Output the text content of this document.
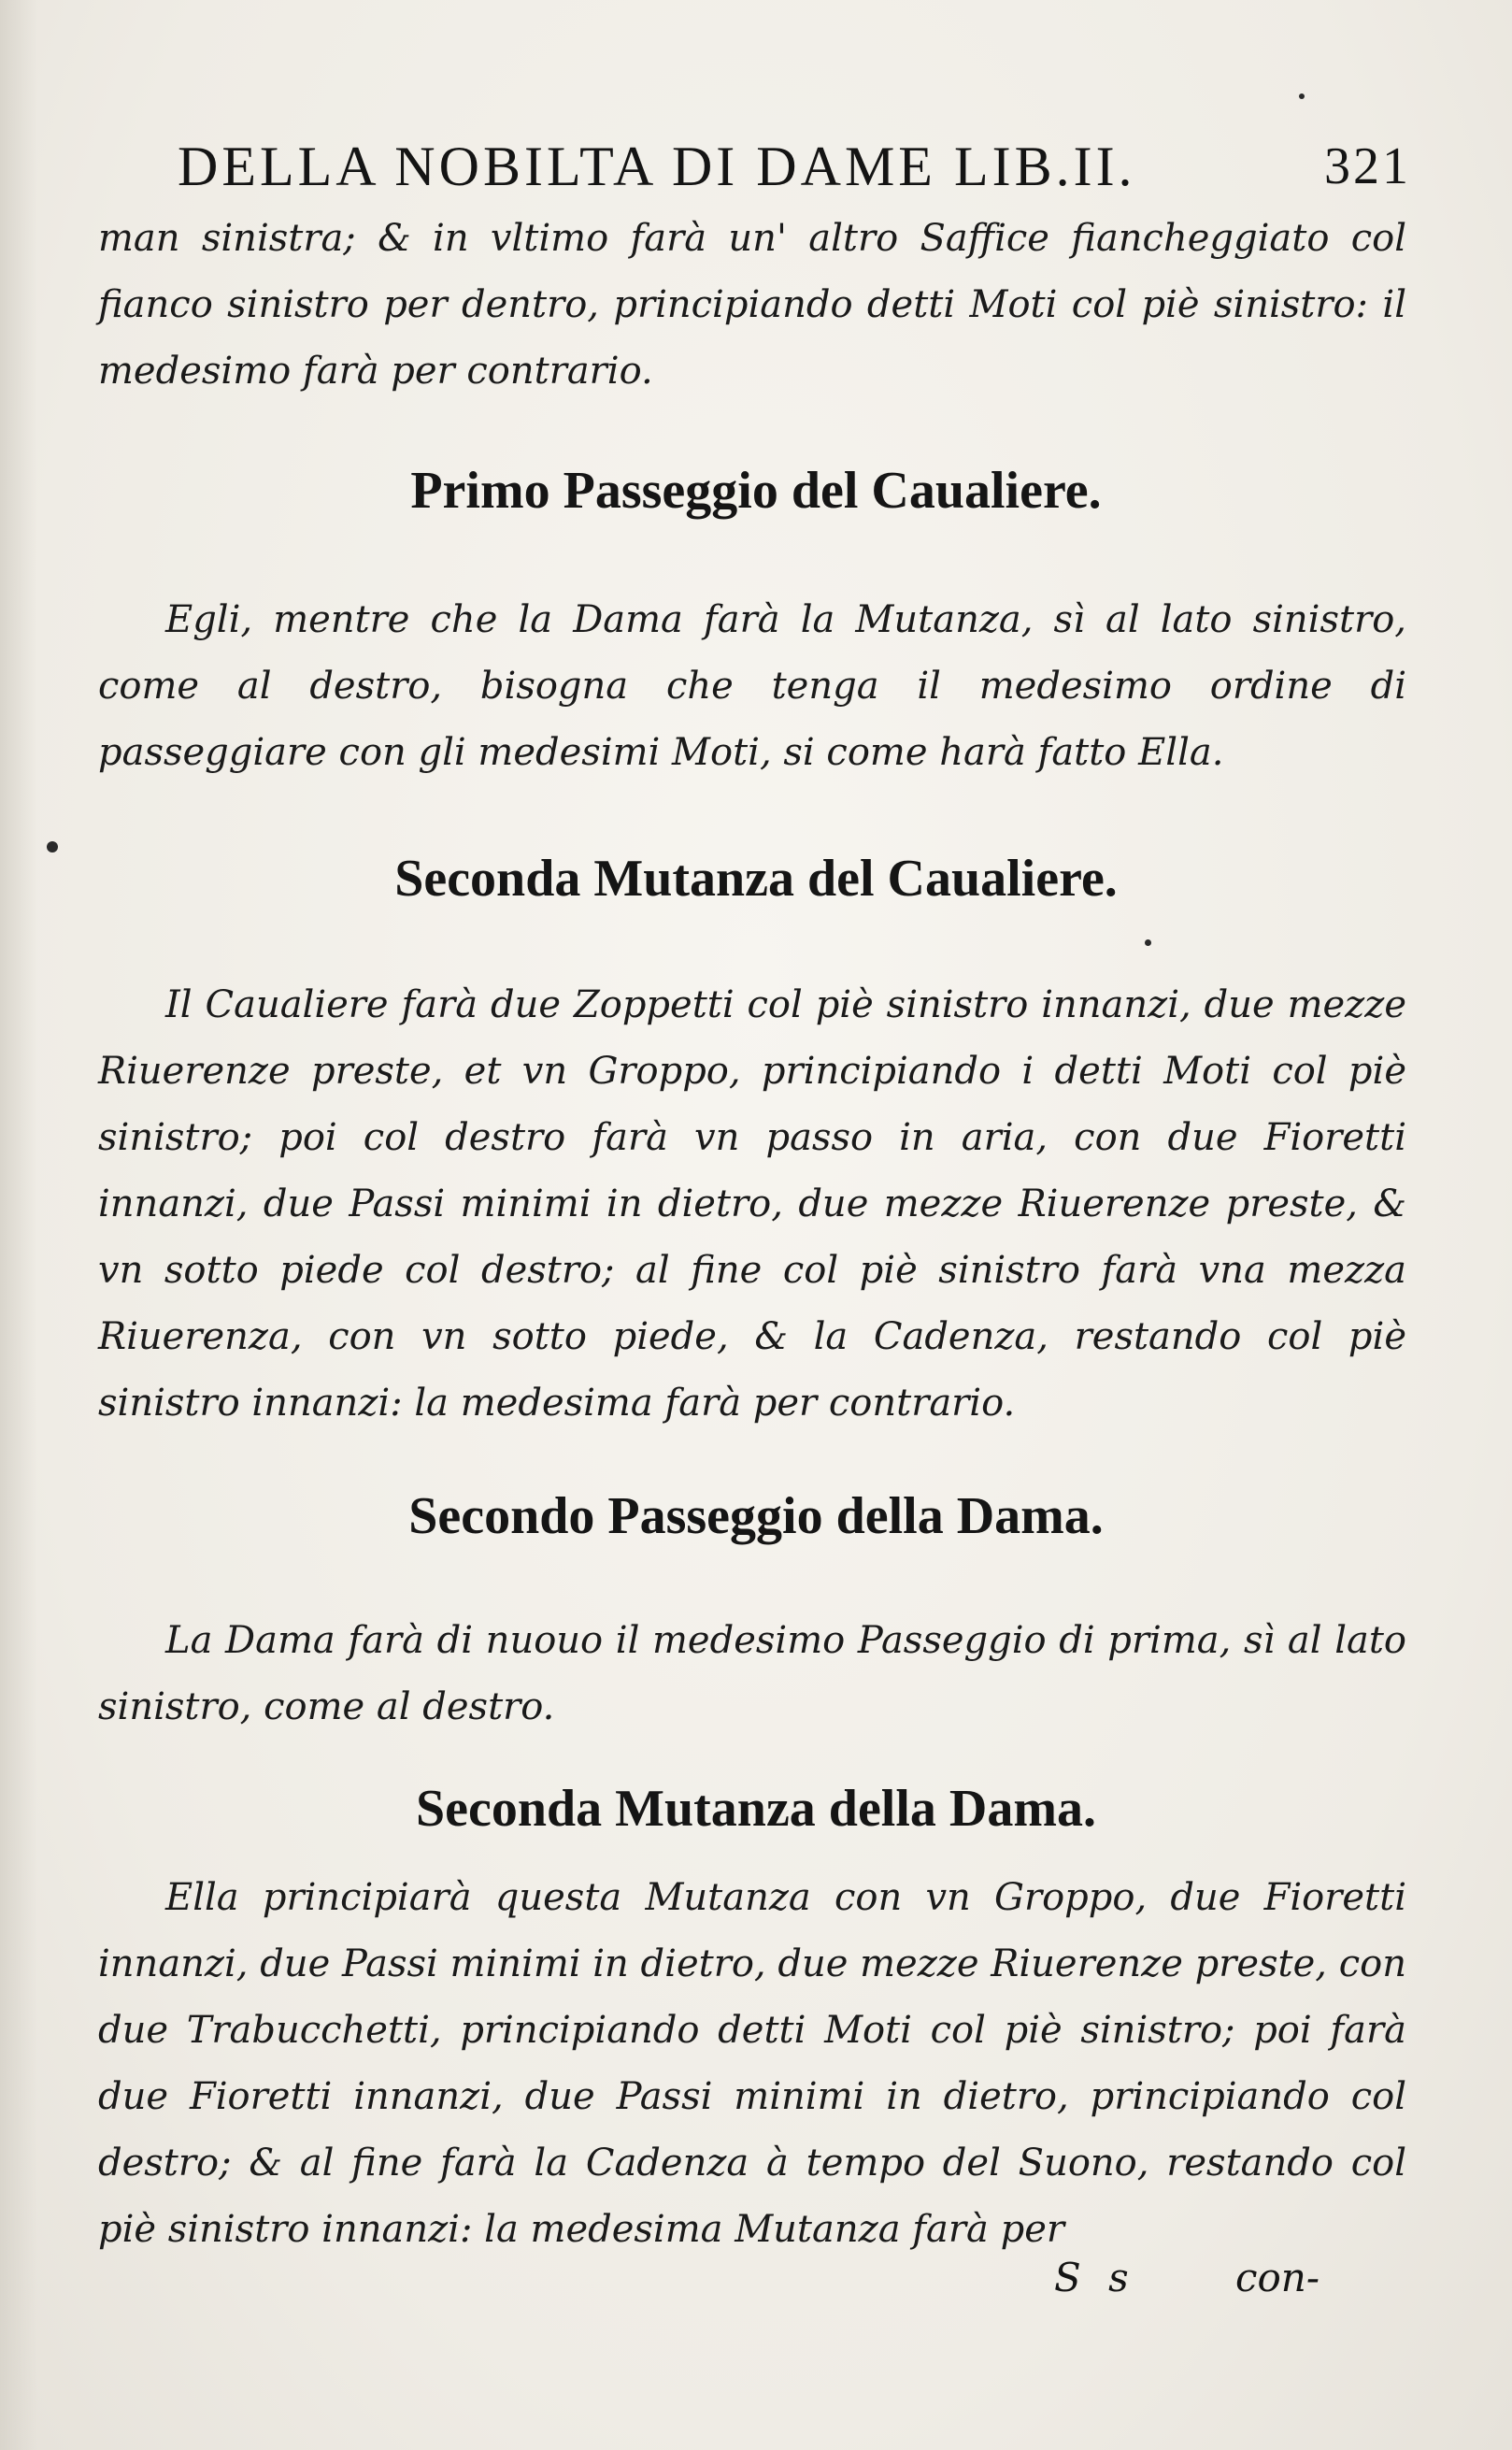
DELLA NOBILTA DI DAME LIB.II.	321

man sinistra; & in vltimo farà un' altro Saffice fiancheggiato col fianco sinistro per dentro, principiando detti Moti col piè sinistro: il medesimo farà per contrario.

Primo Passeggio del Caualiere.

Egli, mentre che la Dama farà la Mutanza, sì al lato sinistro, come al destro, bisogna che tenga il medesimo ordine di passeggiare con gli medesimi Moti, si come harà fatto Ella.

Seconda Mutanza del Caualiere.

Il Caualiere farà due Zoppetti col piè sinistro innanzi, due mezze Riuerenze preste, et vn Groppo, principiando i detti Moti col piè sinistro; poi col destro farà vn passo in aria, con due Fioretti innanzi, due Passi minimi in dietro, due mezze Riuerenze preste, & vn sotto piede col destro; al fine col piè sinistro farà vna mezza Riuerenza, con vn sotto piede, & la Cadenza, restando col piè sinistro innanzi: la medesima farà per contrario.

Secondo Passeggio della Dama.

La Dama farà di nuouo il medesimo Passeggio di prima, sì al lato sinistro, come al destro.

Seconda Mutanza della Dama.

Ella principiarà questa Mutanza con vn Groppo, due Fioretti innanzi, due Passi minimi in dietro, due mezze Riuerenze preste, con due Trabucchetti, principiando detti Moti col piè sinistro; poi farà due Fioretti innanzi, due Passi minimi in dietro, principiando col destro; & al fine farà la Cadenza à tempo del Suono, restando col piè sinistro innanzi: la medesima Mutanza farà per

S s	con-
